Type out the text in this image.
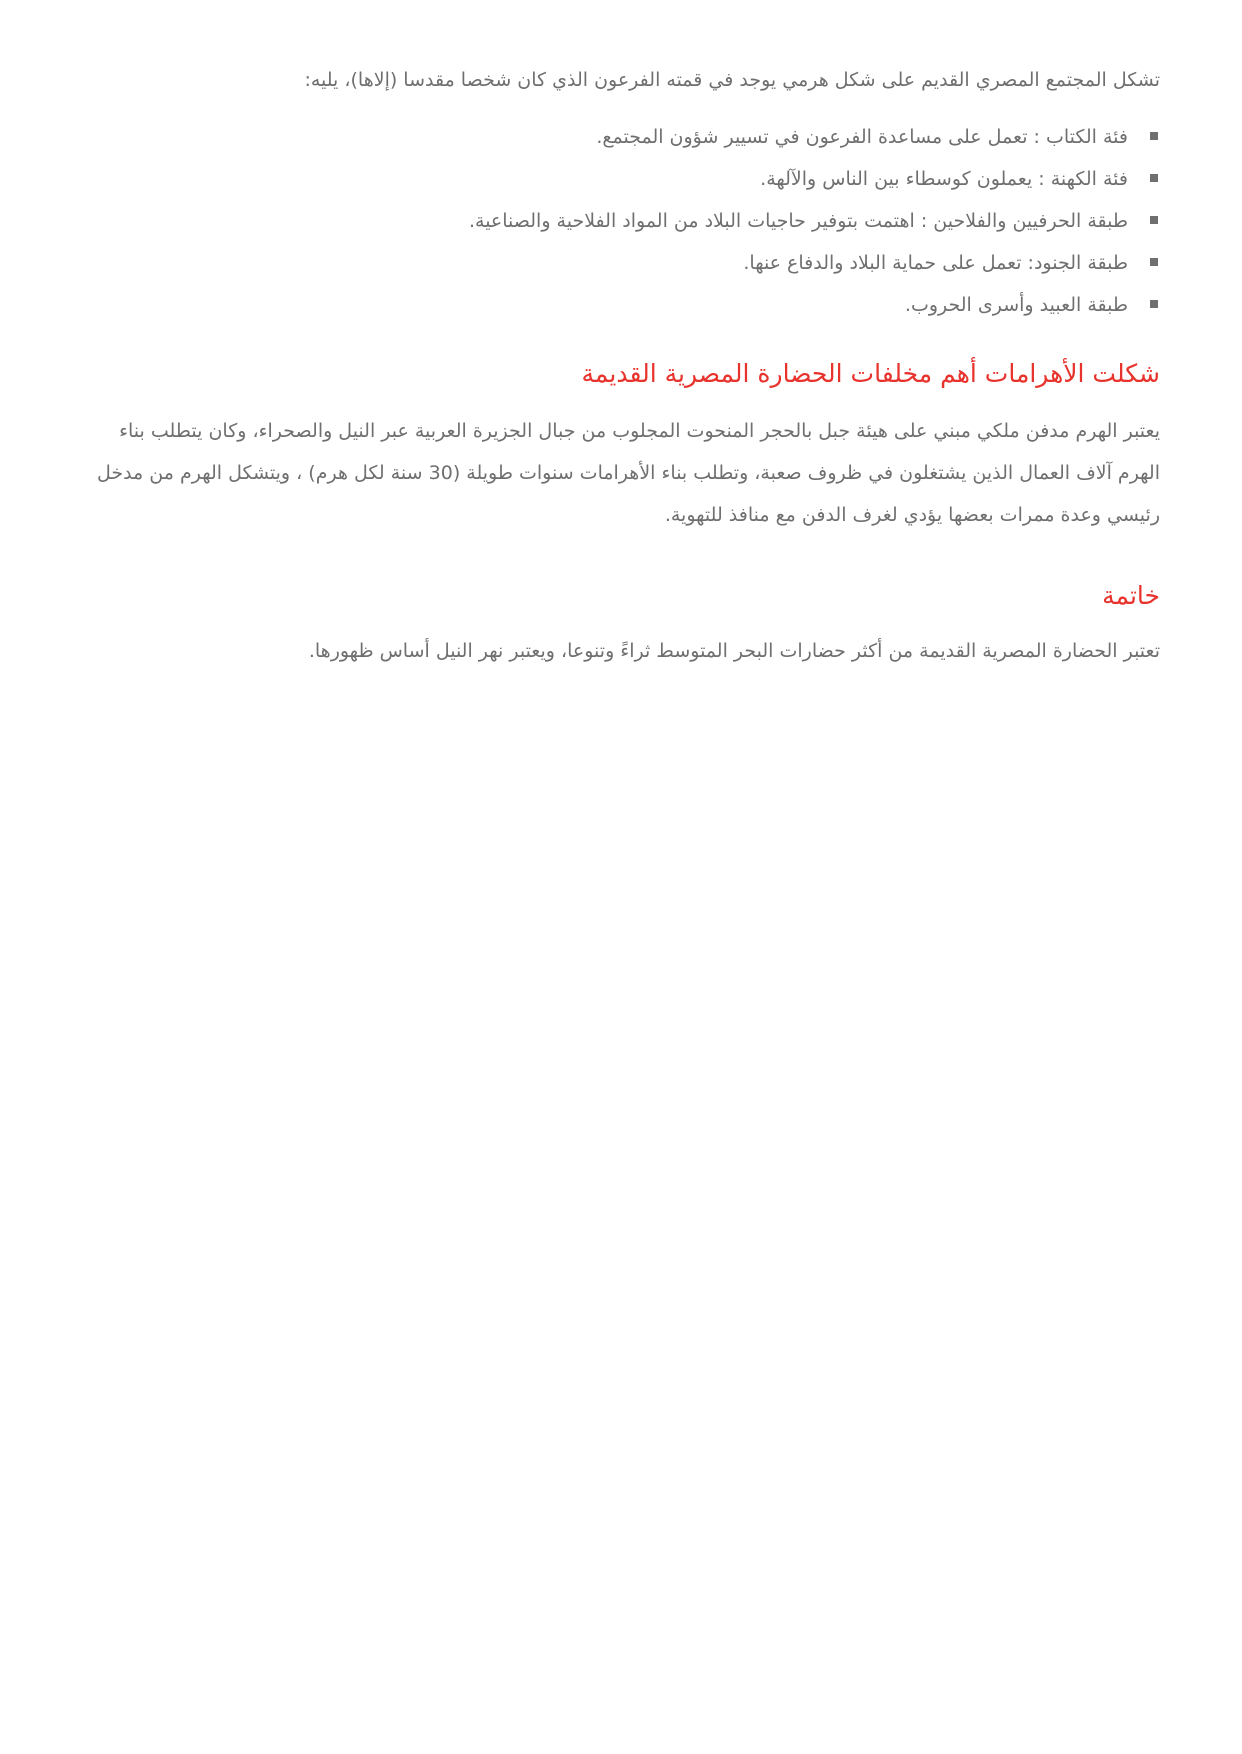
تشكل المجتمع المصري القديم على شكل هرمي يوجد في قمته الفرعون الذي كان شخصا مقدسا (إلاها)، يليه:

فئة الكتاب : تعمل على مساعدة الفرعون في تسيير شؤون المجتمع.
فئة الكهنة : يعملون كوسطاء بين الناس والآلهة.
طبقة الحرفيين والفلاحين : اهتمت بتوفير حاجيات البلاد من المواد الفلاحية والصناعية.
طبقة الجنود: تعمل على حماية البلاد والدفاع عنها.
طبقة العبيد وأسرى الحروب.
شكلت الأهرامات أهم مخلفات الحضارة المصرية القديمة

يعتبر الهرم مدفن ملكي مبني على هيئة جبل بالحجر المنحوت المجلوب من جبال الجزيرة العربية عبر النيل والصحراء، وكان يتطلب بناء الهرم آلاف العمال الذين يشتغلون في ظروف صعبة، وتطلب بناء الأهرامات سنوات طويلة (30 سنة لكل هرم) ، ويتشكل الهرم من مدخل رئيسي وعدة ممرات بعضها يؤدي لغرف الدفن مع منافذ للتهوية.

خاتمة

تعتبر الحضارة المصرية القديمة من أكثر حضارات البحر المتوسط ثراءً وتنوعا، ويعتبر نهر النيل أساس ظهورها.
